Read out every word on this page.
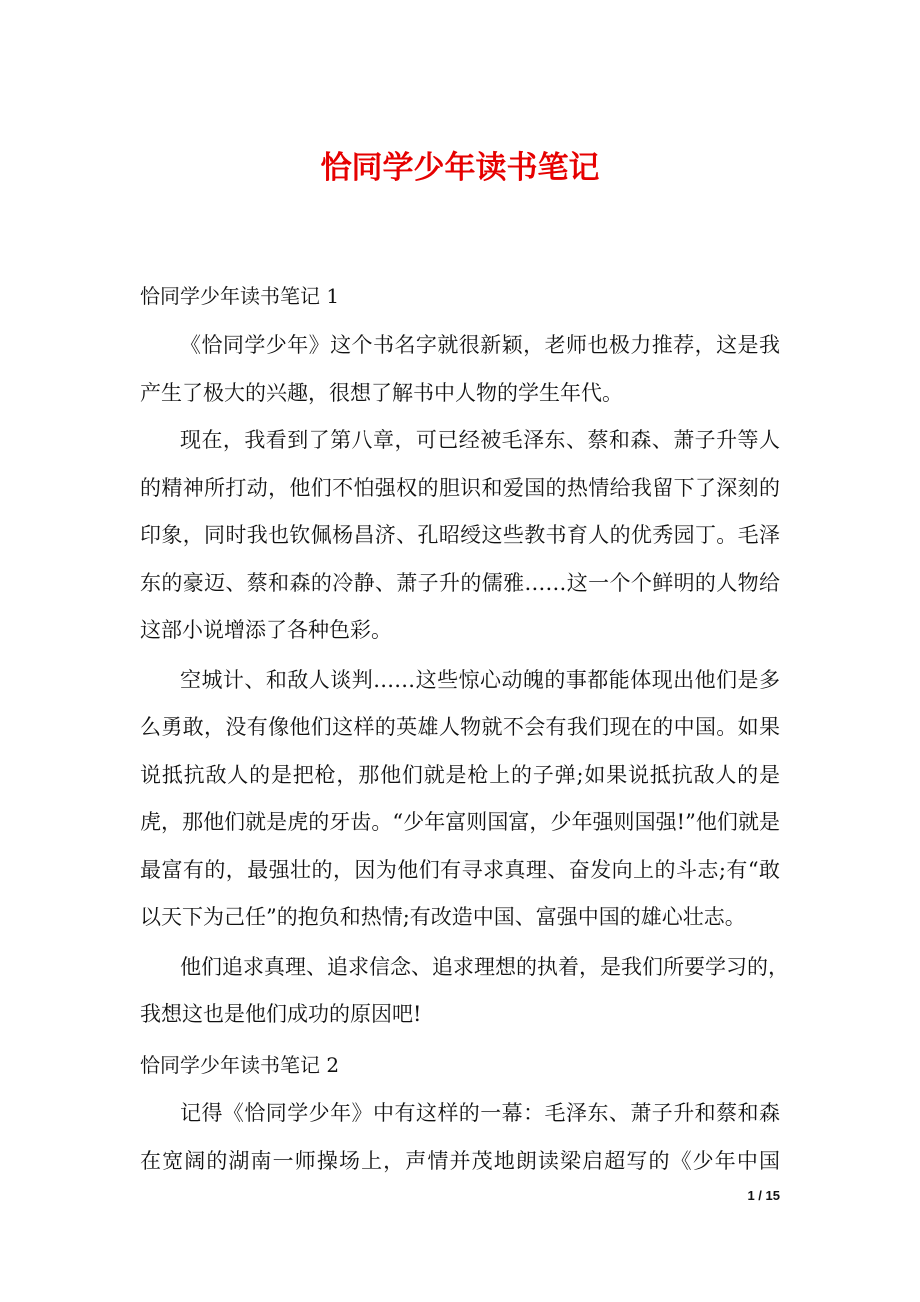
恰同学少年读书笔记
恰同学少年读书笔记 1
《恰同学少年》这个书名字就很新颖，老师也极力推荐，这是我
产生了极大的兴趣，很想了解书中人物的学生年代。
现在，我看到了第八章，可已经被毛泽东、蔡和森、萧子升等人
的精神所打动，他们不怕强权的胆识和爱国的热情给我留下了深刻的
印象，同时我也钦佩杨昌济、孔昭绶这些教书育人的优秀园丁。毛泽
东的豪迈、蔡和森的冷静、萧子升的儒雅……这一个个鲜明的人物给
这部小说增添了各种色彩。
空城计、和敌人谈判……这些惊心动魄的事都能体现出他们是多
么勇敢，没有像他们这样的英雄人物就不会有我们现在的中国。如果
说抵抗敌人的是把枪，那他们就是枪上的子弹;如果说抵抗敌人的是
虎，那他们就是虎的牙齿。“少年富则国富，少年强则国强!”他们就是
最富有的，最强壮的，因为他们有寻求真理、奋发向上的斗志;有“敢
以天下为己任”的抱负和热情;有改造中国、富强中国的雄心壮志。
他们追求真理、追求信念、追求理想的执着，是我们所要学习的，
我想这也是他们成功的原因吧!
恰同学少年读书笔记 2
记得《恰同学少年》中有这样的一幕：毛泽东、萧子升和蔡和森
在宽阔的湖南一师操场上，声情并茂地朗读梁启超写的《少年中国
1 / 15
